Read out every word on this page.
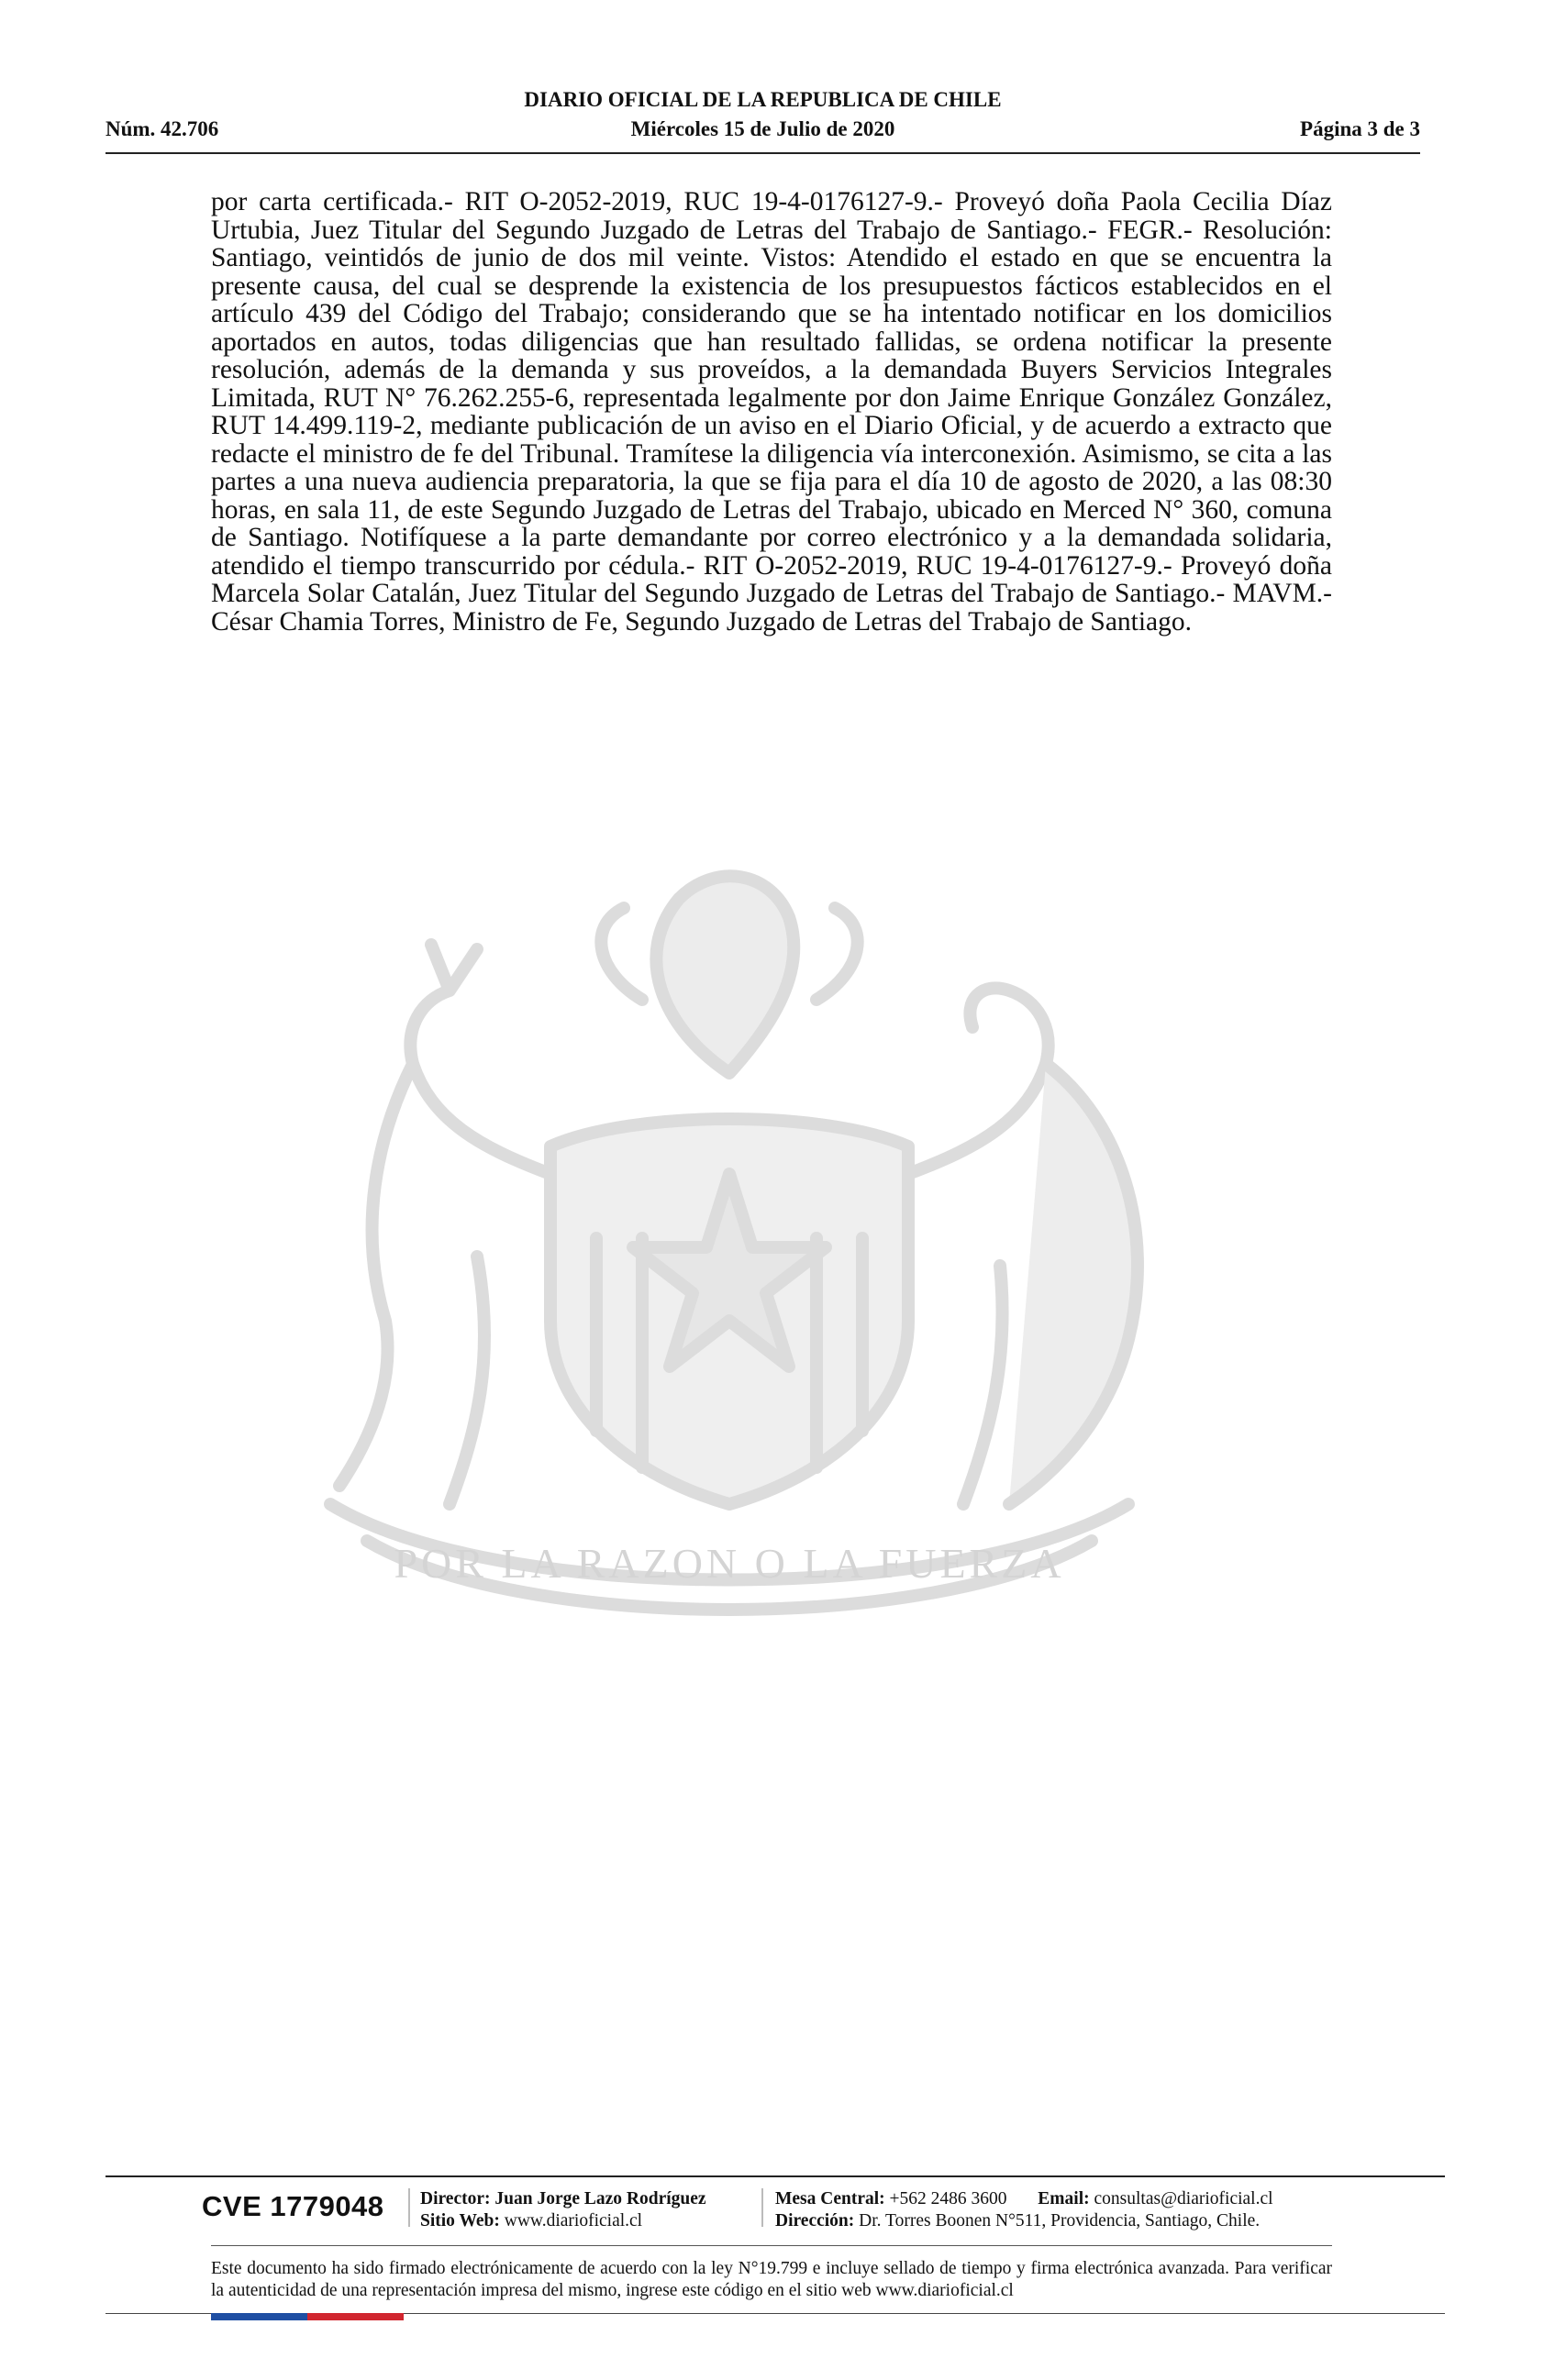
DIARIO OFICIAL DE LA REPUBLICA DE CHILE
Núm. 42.706	Miércoles 15 de Julio de 2020	Página 3 de 3
por carta certificada.- RIT O-2052-2019, RUC 19-4-0176127-9.- Proveyó doña Paola Cecilia Díaz Urtubia, Juez Titular del Segundo Juzgado de Letras del Trabajo de Santiago.- FEGR.- Resolución: Santiago, veintidós de junio de dos mil veinte. Vistos: Atendido el estado en que se encuentra la presente causa, del cual se desprende la existencia de los presupuestos fácticos establecidos en el artículo 439 del Código del Trabajo; considerando que se ha intentado notificar en los domicilios aportados en autos, todas diligencias que han resultado fallidas, se ordena notificar la presente resolución, además de la demanda y sus proveídos, a la demandada Buyers Servicios Integrales Limitada, RUT N° 76.262.255-6, representada legalmente por don Jaime Enrique González González, RUT 14.499.119-2, mediante publicación de un aviso en el Diario Oficial, y de acuerdo a extracto que redacte el ministro de fe del Tribunal. Tramítese la diligencia vía interconexión. Asimismo, se cita a las partes a una nueva audiencia preparatoria, la que se fija para el día 10 de agosto de 2020, a las 08:30 horas, en sala 11, de este Segundo Juzgado de Letras del Trabajo, ubicado en Merced N° 360, comuna de Santiago. Notifíquese a la parte demandante por correo electrónico y a la demandada solidaria, atendido el tiempo transcurrido por cédula.- RIT O-2052-2019, RUC 19-4-0176127-9.- Proveyó doña Marcela Solar Catalán, Juez Titular del Segundo Juzgado de Letras del Trabajo de Santiago.- MAVM.- César Chamia Torres, Ministro de Fe, Segundo Juzgado de Letras del Trabajo de Santiago.
POR LA RAZON O LA FUERZA
CVE 1779048	Director: Juan Jorge Lazo Rodríguez
Sitio Web: www.diarioficial.cl
Mesa Central: +562 2486 3600 Email: consultas@diarioficial.cl
Dirección: Dr. Torres Boonen N°511, Providencia, Santiago, Chile.
Este documento ha sido firmado electrónicamente de acuerdo con la ley N°19.799 e incluye sellado de tiempo y firma electrónica avanzada. Para verificar la autenticidad de una representación impresa del mismo, ingrese este código en el sitio web www.diarioficial.cl
